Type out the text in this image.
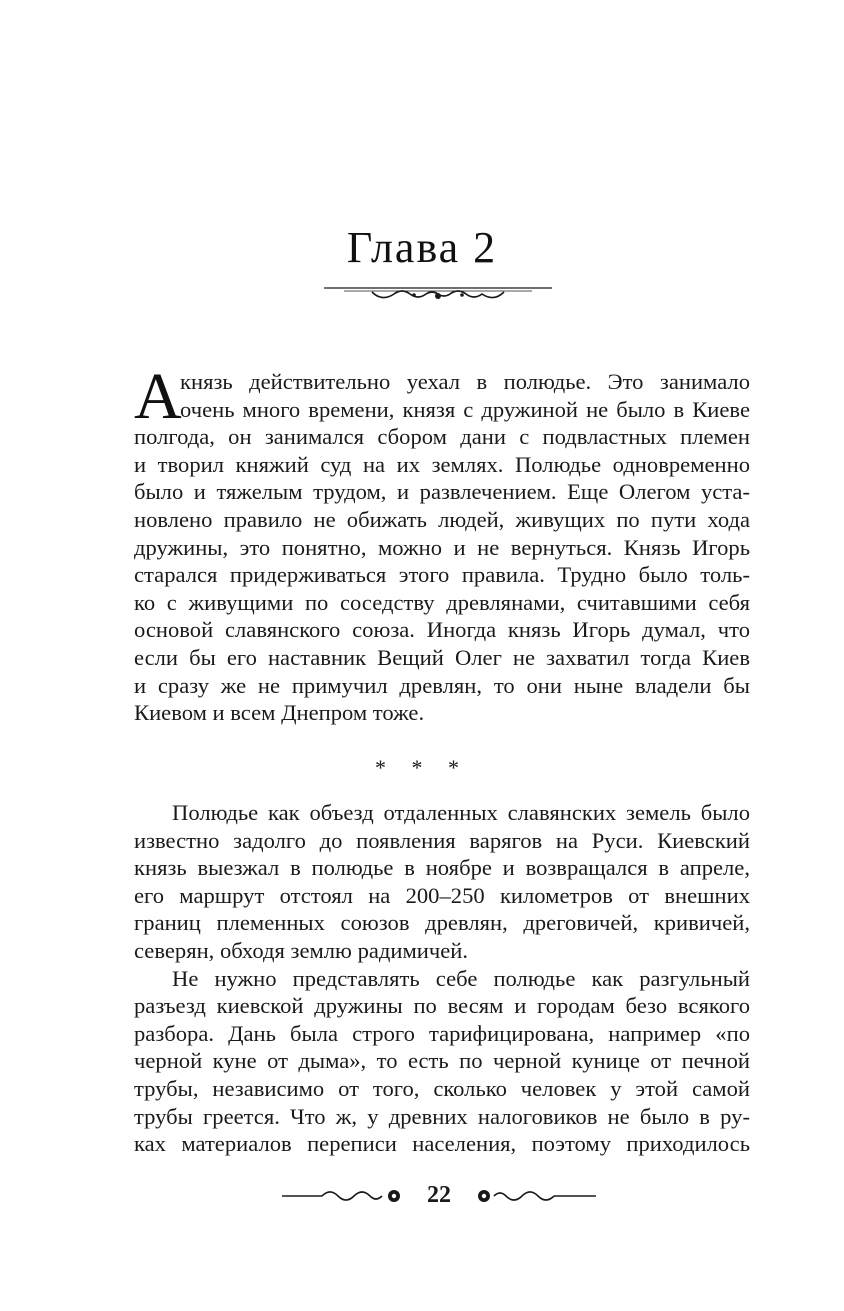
Глава 2
А
князь действительно уехал в полюдье. Это занимало
очень много времени, князя с дружиной не было в Киеве
полгода, он занимался сбором дани с подвластных племен
и творил княжий суд на их землях. Полюдье одновременно
было и тяжелым трудом, и развлечением. Еще Олегом уста-
новлено правило не обижать людей, живущих по пути хода
дружины, это понятно, можно и не вернуться. Князь Игорь
старался придерживаться этого правила. Трудно было толь-
ко с живущими по соседству древлянами, считавшими себя
основой славянского союза. Иногда князь Игорь думал, что
если бы его наставник Вещий Олег не захватил тогда Киев
и сразу же не примучил древлян, то они ныне владели бы
Киевом и всем Днепром тоже.
* * *
Полюдье как объезд отдаленных славянских земель было
известно задолго до появления варягов на Руси. Киевский
князь выезжал в полюдье в ноябре и возвращался в апреле,
его маршрут отстоял на 200–250 километров от внешних
границ племенных союзов древлян, дреговичей, кривичей,
северян, обходя землю радимичей.
Не нужно представлять себе полюдье как разгульный
разъезд киевской дружины по весям и городам безо всякого
разбора. Дань была строго тарифицирована, например «по
черной куне от дыма», то есть по черной кунице от печной
трубы, независимо от того, сколько человек у этой самой
трубы греется. Что ж, у древних налоговиков не было в ру-
ках материалов переписи населения, поэтому приходилось
22
